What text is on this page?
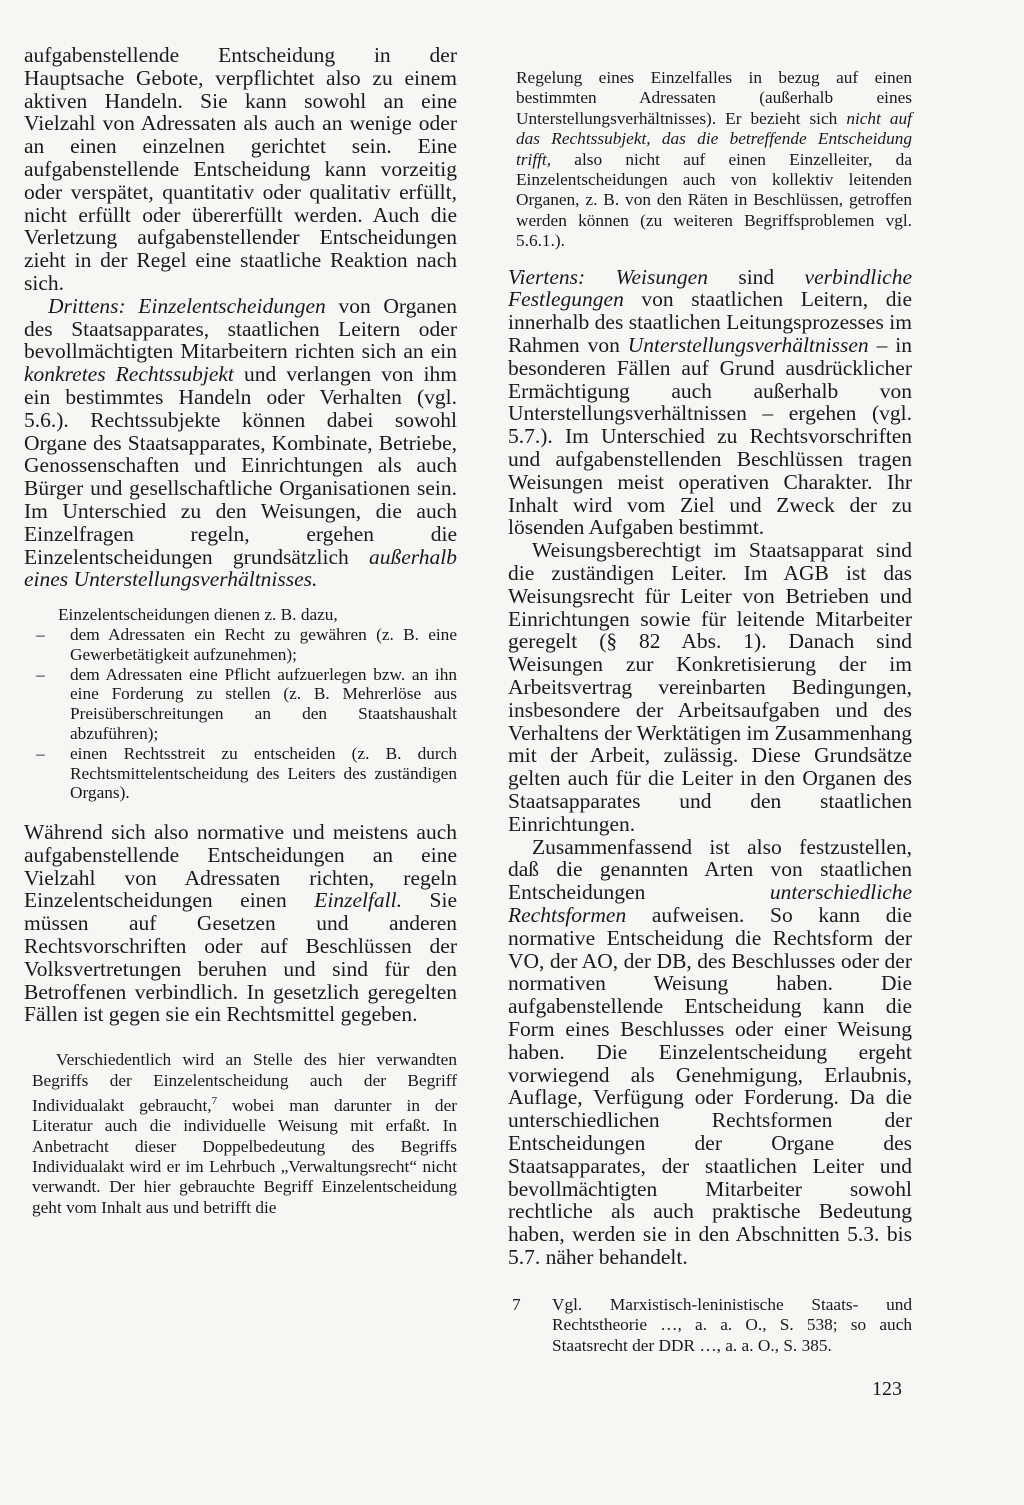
aufgabenstellende Entscheidung in der Hauptsache Gebote, verpflichtet also zu einem aktiven Handeln. Sie kann sowohl an eine Vielzahl von Adressaten als auch an wenige oder an einen einzelnen gerichtet sein. Eine aufgabenstellende Entscheidung kann vorzeitig oder verspätet, quantitativ oder qualitativ erfüllt, nicht erfüllt oder übererfüllt werden. Auch die Verletzung aufgabenstellender Entscheidungen zieht in der Regel eine staatliche Reaktion nach sich.

Drittens: Einzelentscheidungen von Organen des Staatsapparates, staatlichen Leitern oder bevollmächtigten Mitarbeitern richten sich an ein konkretes Rechtssubjekt und verlangen von ihm ein bestimmtes Handeln oder Verhalten (vgl. 5.6.). Rechtssubjekte können dabei sowohl Organe des Staatsapparates, Kombinate, Betriebe, Genossenschaften und Einrichtungen als auch Bürger und gesellschaftliche Organisationen sein. Im Unterschied zu den Weisungen, die auch Einzelfragen regeln, ergehen die Einzelentscheidungen grundsätzlich außerhalb eines Unterstellungsverhältnisses.

Einzelentscheidungen dienen z. B. dazu,

– dem Adressaten ein Recht zu gewähren (z. B. eine Gewerbetätigkeit aufzunehmen);
– dem Adressaten eine Pflicht aufzuerlegen bzw. an ihn eine Forderung zu stellen (z. B. Mehrerlöse aus Preisüberschreitungen an den Staatshaushalt abzuführen);
– einen Rechtsstreit zu entscheiden (z. B. durch Rechtsmittelentscheidung des Leiters des zuständigen Organs).

Während sich also normative und meistens auch aufgabenstellende Entscheidungen an eine Vielzahl von Adressaten richten, regeln Einzelentscheidungen einen Einzelfall. Sie müssen auf Gesetzen und anderen Rechtsvorschriften oder auf Beschlüssen der Volksvertretungen beruhen und sind für den Betroffenen verbindlich. In gesetzlich geregelten Fällen ist gegen sie ein Rechtsmittel gegeben.

Verschiedentlich wird an Stelle des hier verwandten Begriffs der Einzelentscheidung auch der Begriff Individualakt gebraucht,$^7$ wobei man darunter in der Literatur auch die individuelle Weisung mit erfaßt. In Anbetracht dieser Doppelbedeutung des Begriffs Individualakt wird er im Lehrbuch „Verwaltungsrecht“ nicht verwandt. Der hier gebrauchte Begriff Einzelentscheidung geht vom Inhalt aus und betrifft die

Regelung eines Einzelfalles in bezug auf einen bestimmten Adressaten (außerhalb eines Unterstellungsverhältnisses). Er bezieht sich nicht auf das Rechtssubjekt, das die betreffende Entscheidung trifft, also nicht auf einen Einzelleiter, da Einzelentscheidungen auch von kollektiv leitenden Organen, z. B. von den Räten in Beschlüssen, getroffen werden können (zu weiteren Begriffsproblemen vgl. 5.6.1.).

Viertens: Weisungen sind verbindliche Festlegungen von staatlichen Leitern, die innerhalb des staatlichen Leitungsprozesses im Rahmen von Unterstellungsverhältnissen – in besonderen Fällen auf Grund ausdrücklicher Ermächtigung auch außerhalb von Unterstellungsverhältnissen – ergehen (vgl. 5.7.). Im Unterschied zu Rechtsvorschriften und aufgabenstellenden Beschlüssen tragen Weisungen meist operativen Charakter. Ihr Inhalt wird vom Ziel und Zweck der zu lösenden Aufgaben bestimmt.

Weisungsberechtigt im Staatsapparat sind die zuständigen Leiter. Im AGB ist das Weisungsrecht für Leiter von Betrieben und Einrichtungen sowie für leitende Mitarbeiter geregelt (§ 82 Abs. 1). Danach sind Weisungen zur Konkretisierung der im Arbeitsvertrag vereinbarten Bedingungen, insbesondere der Arbeitsaufgaben und des Verhaltens der Werktätigen im Zusammenhang mit der Arbeit, zulässig. Diese Grundsätze gelten auch für die Leiter in den Organen des Staatsapparates und den staatlichen Einrichtungen.

Zusammenfassend ist also festzustellen, daß die genannten Arten von staatlichen Entscheidungen unterschiedliche Rechtsformen aufweisen. So kann die normative Entscheidung die Rechtsform der VO, der AO, der DB, des Beschlusses oder der normativen Weisung haben. Die aufgabenstellende Entscheidung kann die Form eines Beschlusses oder einer Weisung haben. Die Einzelentscheidung ergeht vorwiegend als Genehmigung, Erlaubnis, Auflage, Verfügung oder Forderung. Da die unterschiedlichen Rechtsformen der Entscheidungen der Organe des Staatsapparates, der staatlichen Leiter und bevollmächtigten Mitarbeiter sowohl rechtliche als auch praktische Bedeutung haben, werden sie in den Abschnitten 5.3. bis 5.7. näher behandelt.

7 Vgl. Marxistisch-leninistische Staats- und Rechtstheorie …, a. a. O., S. 538; so auch Staatsrecht der DDR …, a. a. O., S. 385.

123
